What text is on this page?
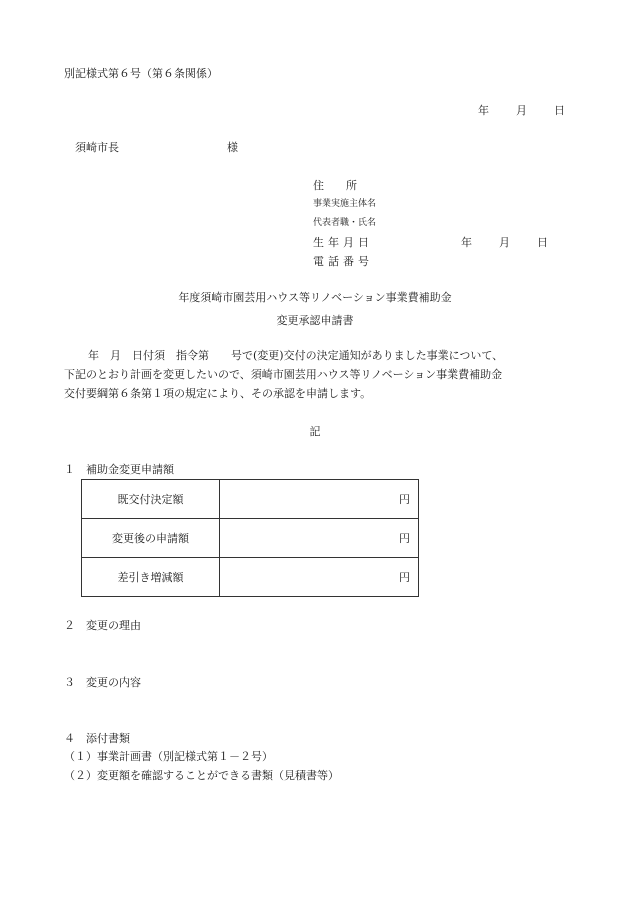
別記様式第６号（第６条関係）
年 月 日
須崎市長	様
住　　所
事業実施主体名
代表者職・氏名
生年月日	年 月 日
電話番号
年度須崎市園芸用ハウス等リノベーション事業費補助金
変更承認申請書
年　月　日付須　指令第　　号で(変更)交付の決定通知がありました事業について、
下記のとおり計画を変更したいので、須崎市園芸用ハウス等リノベーション事業費補助金
交付要綱第６条第１項の規定により、その承認を申請します。
記
１　補助金変更申請額
既交付決定額	円
変更後の申請額	円
差引き増減額	円
２　変更の理由
３　変更の内容
４　添付書類
（１）事業計画書（別記様式第１－２号）
（２）変更額を確認することができる書類（見積書等）
